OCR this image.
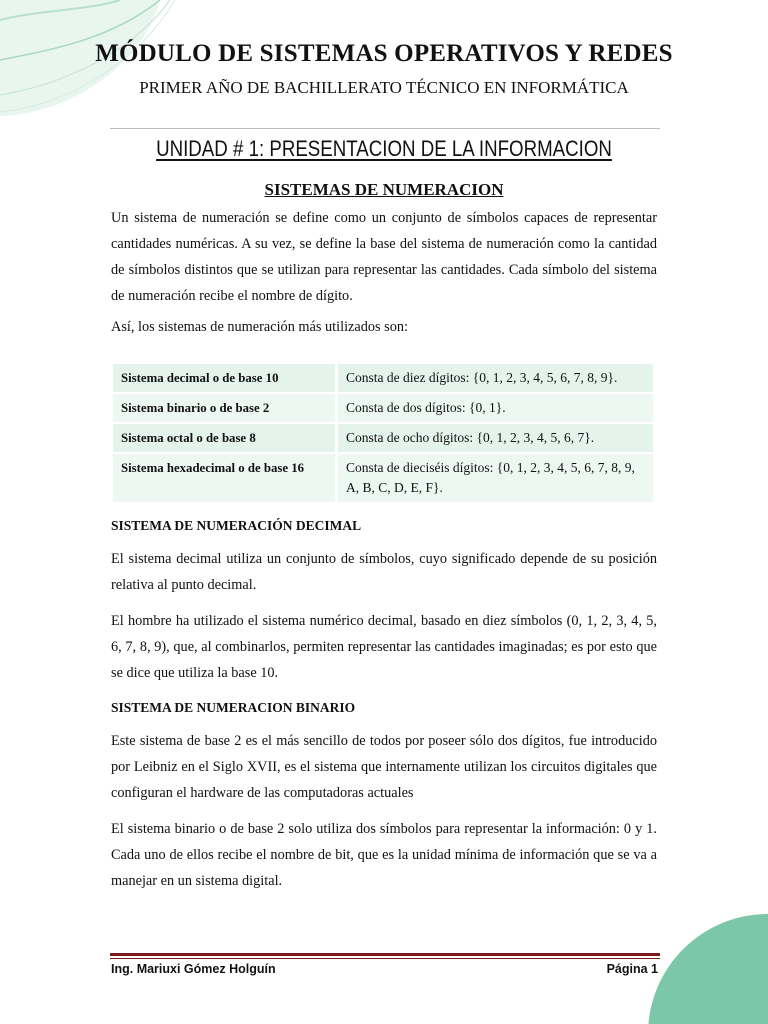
MÓDULO DE SISTEMAS OPERATIVOS Y REDES
PRIMER AÑO DE BACHILLERATO TÉCNICO EN INFORMÁTICA
UNIDAD # 1: PRESENTACION DE LA INFORMACION
SISTEMAS DE NUMERACION

Un sistema de numeración se define como un conjunto de símbolos capaces de representar cantidades numéricas. A su vez, se define la base del sistema de numeración como la cantidad de símbolos distintos que se utilizan para representar las cantidades. Cada símbolo del sistema de numeración recibe el nombre de dígito.

Así, los sistemas de numeración más utilizados son:

Sistema decimal o de base 10	Consta de diez dígitos: {0, 1, 2, 3, 4, 5, 6, 7, 8, 9}.
Sistema binario o de base 2	Consta de dos dígitos: {0, 1}.
Sistema octal o de base 8	Consta de ocho dígitos: {0, 1, 2, 3, 4, 5, 6, 7}.
Sistema hexadecimal o de base 16	Consta de dieciséis dígitos: {0, 1, 2, 3, 4, 5, 6, 7, 8, 9, A, B, C, D, E, F}.
SISTEMA DE NUMERACIÓN DECIMAL

El sistema decimal utiliza un conjunto de símbolos, cuyo significado depende de su posición relativa al punto decimal.

El hombre ha utilizado el sistema numérico decimal, basado en diez símbolos (0, 1, 2, 3, 4, 5, 6, 7, 8, 9), que, al combinarlos, permiten representar las cantidades imaginadas; es por esto que se dice que utiliza la base 10.

SISTEMA DE NUMERACION BINARIO

Este sistema de base 2 es el más sencillo de todos por poseer sólo dos dígitos, fue introducido por Leibniz en el Siglo XVII, es el sistema que internamente utilizan los circuitos digitales que configuran el hardware de las computadoras actuales

El sistema binario o de base 2 solo utiliza dos símbolos para representar la información: 0 y 1. Cada uno de ellos recibe el nombre de bit, que es la unidad mínima de información que se va a manejar en un sistema digital.

Ing. Mariuxi Gómez Holguín	Página 1
